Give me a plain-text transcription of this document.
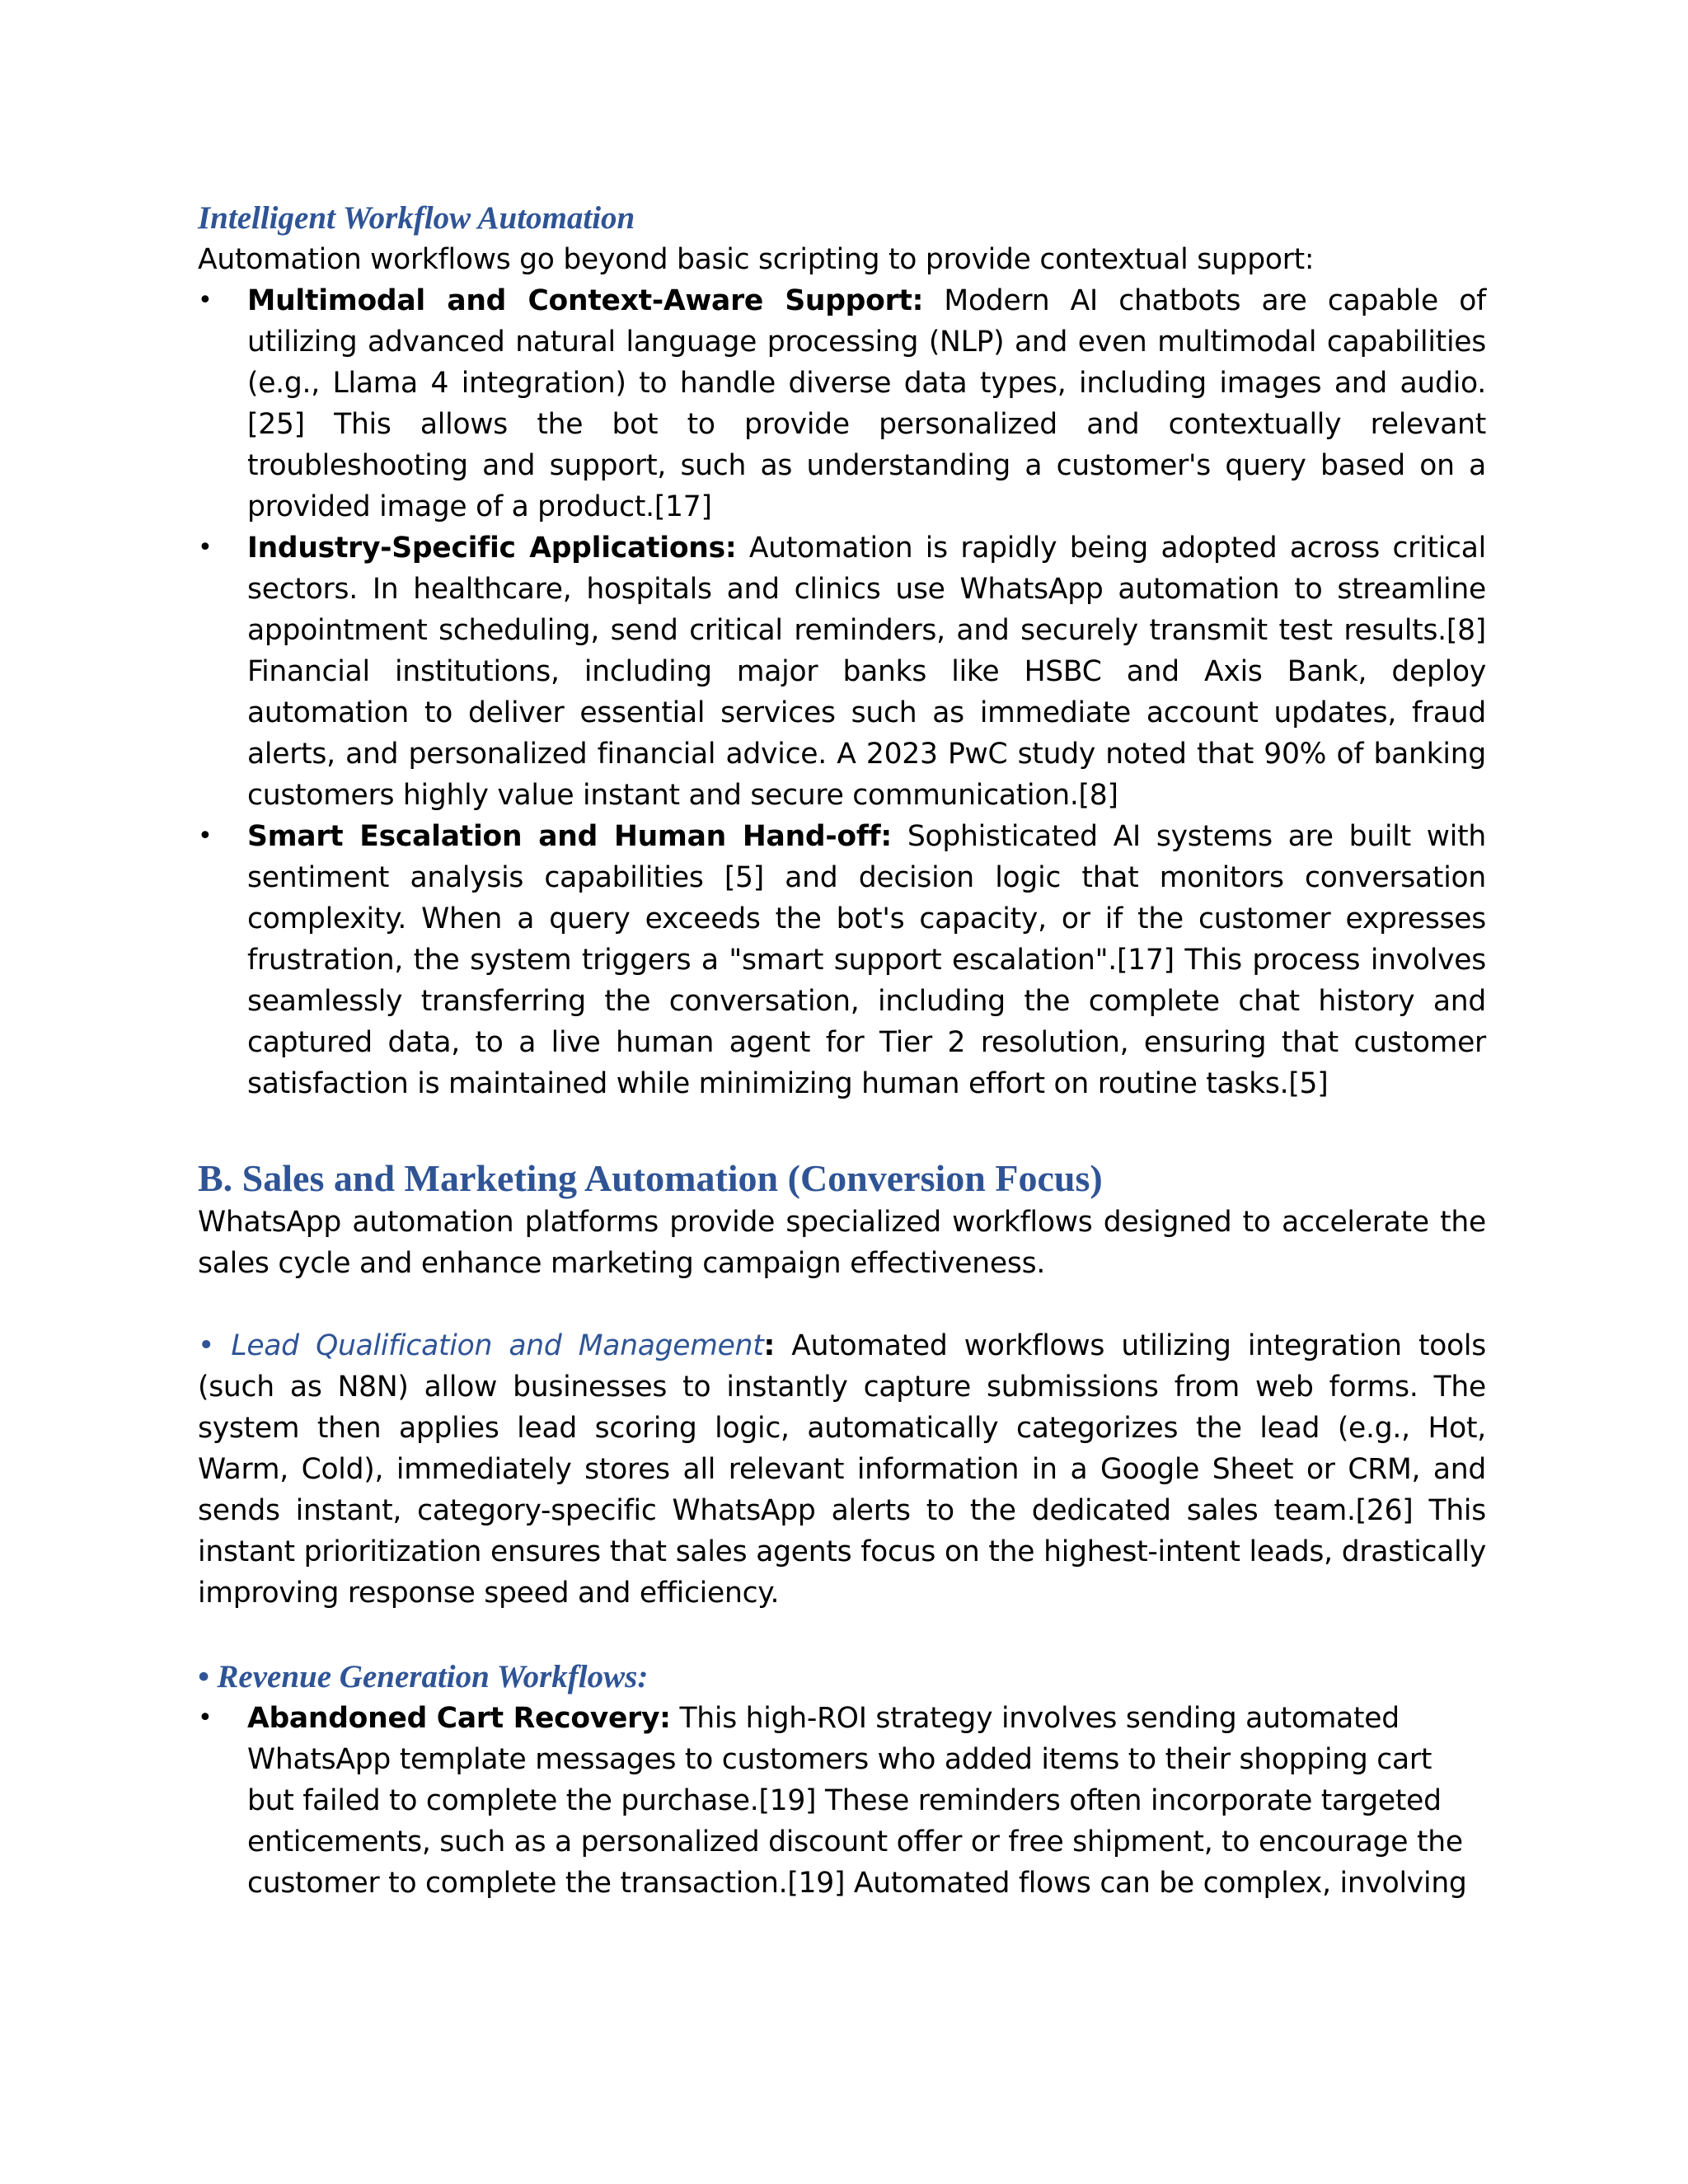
Intelligent Workflow Automation

Automation workflows go beyond basic scripting to provide contextual support:

• Multimodal and Context-Aware Support: Modern AI chatbots are capable of utilizing advanced natural language processing (NLP) and even multimodal capabilities (e.g., Llama 4 integration) to handle diverse data types, including images and audio.[25] This allows the bot to provide personalized and contextually relevant troubleshooting and support, such as understanding a customer's query based on a provided image of a product.[17]
• Industry-Specific Applications: Automation is rapidly being adopted across critical sectors. In healthcare, hospitals and clinics use WhatsApp automation to streamline appointment scheduling, send critical reminders, and securely transmit test results.[8] Financial institutions, including major banks like HSBC and Axis Bank, deploy automation to deliver essential services such as immediate account updates, fraud alerts, and personalized financial advice. A 2023 PwC study noted that 90% of banking customers highly value instant and secure communication.[8]
• Smart Escalation and Human Hand-off: Sophisticated AI systems are built with sentiment analysis capabilities [5] and decision logic that monitors conversation complexity. When a query exceeds the bot's capacity, or if the customer expresses frustration, the system triggers a "smart support escalation".[17] This process involves seamlessly transferring the conversation, including the complete chat history and captured data, to a live human agent for Tier 2 resolution, ensuring that customer satisfaction is maintained while minimizing human effort on routine tasks.[5]
B. Sales and Marketing Automation (Conversion Focus)

WhatsApp automation platforms provide specialized workflows designed to accelerate the sales cycle and enhance marketing campaign effectiveness.

• Lead Qualification and Management: Automated workflows utilizing integration tools (such as N8N) allow businesses to instantly capture submissions from web forms. The system then applies lead scoring logic, automatically categorizes the lead (e.g., Hot, Warm, Cold), immediately stores all relevant information in a Google Sheet or CRM, and sends instant, category-specific WhatsApp alerts to the dedicated sales team.[26] This instant prioritization ensures that sales agents focus on the highest-intent leads, drastically improving response speed and efficiency.

• Revenue Generation Workflows:
• Abandoned Cart Recovery: This high-ROI strategy involves sending automated WhatsApp template messages to customers who added items to their shopping cart but failed to complete the purchase.[19] These reminders often incorporate targeted enticements, such as a personalized discount offer or free shipment, to encourage the customer to complete the transaction.[19] Automated flows can be complex, involving
